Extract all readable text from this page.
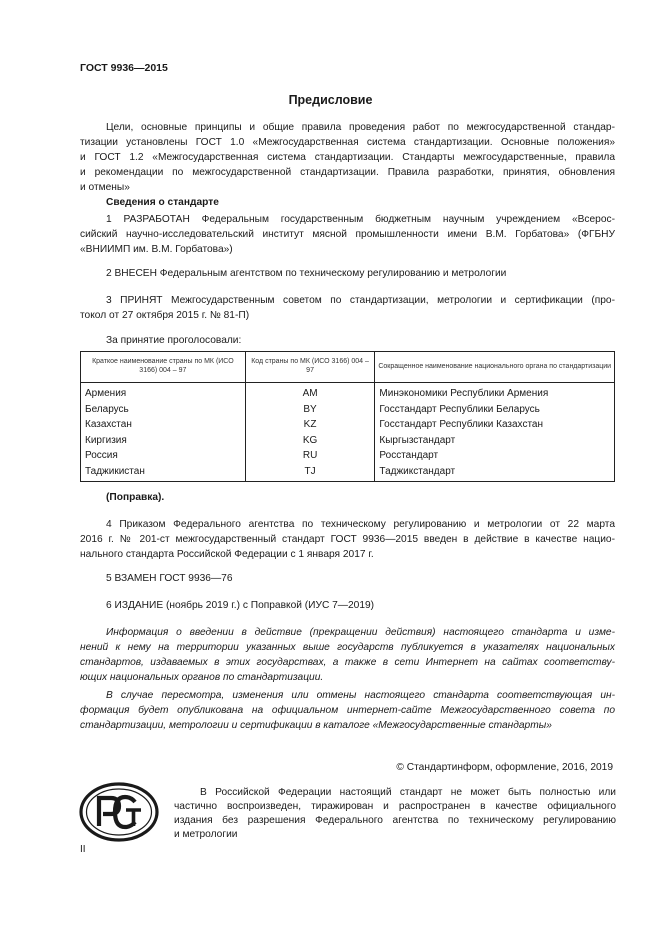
ГОСТ 9936—2015
Предисловие
Цели, основные принципы и общие правила проведения работ по межгосударственной стандар-
тизации установлены ГОСТ 1.0 «Межгосударственная система стандартизации. Основные положения»
и ГОСТ 1.2 «Межгосударственная система стандартизации. Стандарты межгосударственные, правила
и рекомендации по межгосударственной стандартизации. Правила разработки, принятия, обновления
и отмены»
Сведения о стандарте
1 РАЗРАБОТАН Федеральным государственным бюджетным научным учреждением «Всерос-
сийский научно-исследовательский институт мясной промышленности имени В.М. Горбатова» (ФГБНУ
«ВНИИМП им. В.М. Горбатова»)
2 ВНЕСЕН Федеральным агентством по техническому регулированию и метрологии
3 ПРИНЯТ Межгосударственным советом по стандартизации, метрологии и сертификации (про-
токол от 27 октября 2015 г. № 81-П)
За принятие проголосовали:
Краткое наименование страны по МК (ИСО 3166) 004 – 97	Код страны по МК (ИСО 3166) 004 – 97	Сокращенное наименование национального органа по стандартизации
Армения	AM	Минэкономики Республики Армения
Беларусь	BY	Госстандарт Республики Беларусь
Казахстан	KZ	Госстандарт Республики Казахстан
Киргизия	KG	Кыргызстандарт
Россия	RU	Росстандарт
Таджикистан	TJ	Таджикстандарт
(Поправка).
4 Приказом Федерального агентства по техническому регулированию и метрологии от 22 марта
2016 г. № 201-ст межгосударственный стандарт ГОСТ 9936—2015 введен в действие в качестве нацио-
нального стандарта Российской Федерации с 1 января 2017 г.
5 ВЗАМЕН ГОСТ 9936—76
6 ИЗДАНИЕ (ноябрь 2019 г.) с Поправкой (ИУС 7—2019)
Информация о введении в действие (прекращении действия) настоящего стандарта и измe-
нений к нему на территории указанных выше государств публикуется в указателях национальных
стандартов, издаваемых в этих государствах, а также в сети Интернет на сайтах соответству-
ющих национальных органов по стандартизации.
В случае пересмотра, изменения или отмены настоящего стандарта соответствующая ин-
формация будет опубликована на официальном интернет-сайте Межгосударственного совета по
стандартизации, метрологии и сертификации в каталоге «Межгосударственные стандарты»
© Стандартинформ, оформление, 2016, 2019
В Российской Федерации настоящий стандарт не может быть полностью или
частично воспроизведен, тиражирован и распространен в качестве официального
издания без разрешения Федерального агентства по техническому регулированию
и метрологии
II
